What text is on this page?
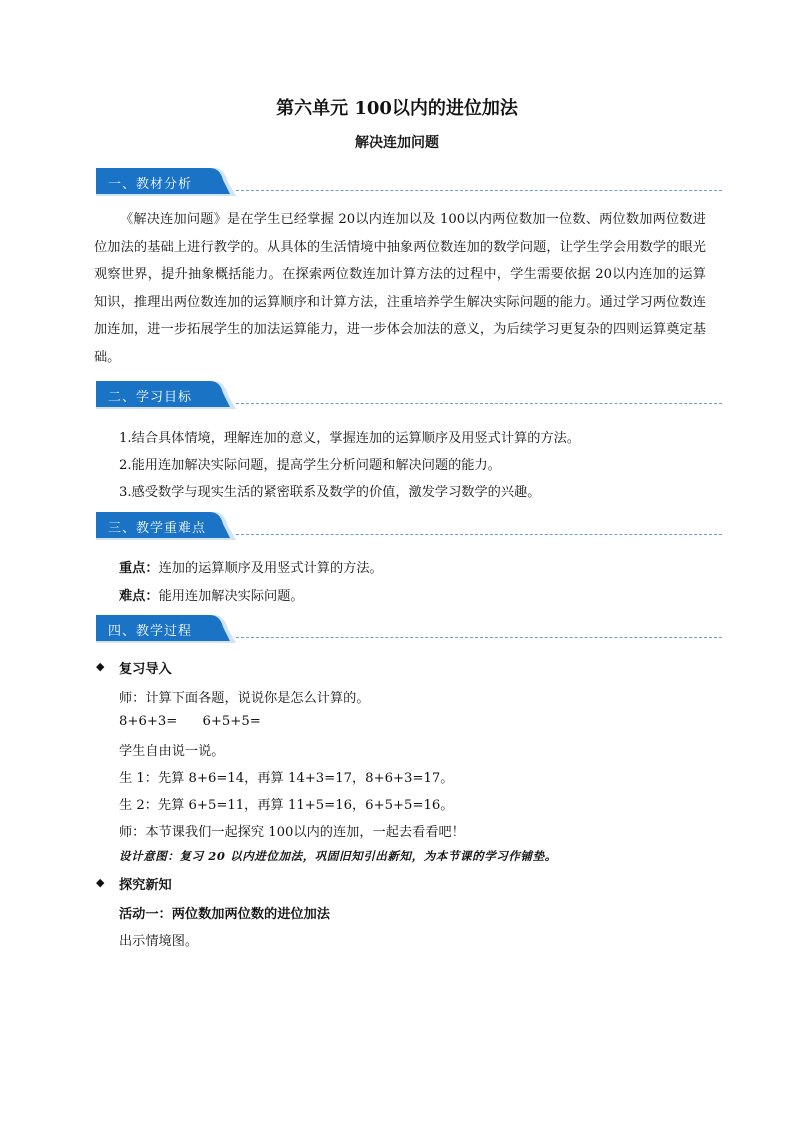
第六单元 100以内的进位加法
解决连加问题
一、教材分析
《解决连加问题》是在学生已经掌握 20以内连加以及 100以内两位数加一位数、两位数加两位数进位加法的基础上进行教学的。从具体的生活情境中抽象两位数连加的数学问题，让学生学会用数学的眼光观察世界，提升抽象概括能力。在探索两位数连加计算方法的过程中，学生需要依据 20以内连加的运算知识，推理出两位数连加的运算顺序和计算方法，注重培养学生解决实际问题的能力。通过学习两位数连加连加，进一步拓展学生的加法运算能力，进一步体会加法的意义，为后续学习更复杂的四则运算奠定基础。
二、学习目标
1.结合具体情境，理解连加的意义，掌握连加的运算顺序及用竖式计算的方法。
2.能用连加解决实际问题，提高学生分析问题和解决问题的能力。
3.感受数学与现实生活的紧密联系及数学的价值，激发学习数学的兴趣。
三、教学重难点
重点：连加的运算顺序及用竖式计算的方法。
难点：能用连加解决实际问题。
四、教学过程
◆ 复习导入
师：计算下面各题，说说你是怎么计算的。
8+6+3=      6+5+5=
学生自由说一说。
生 1：先算 8+6=14，再算 14+3=17，8+6+3=17。
生 2：先算 6+5=11，再算 11+5=16，6+5+5=16。
师：本节课我们一起探究 100以内的连加，一起去看看吧！
设计意图：复习 20 以内进位加法，巩固旧知引出新知，为本节课的学习作铺垫。
◆ 探究新知
活动一：两位数加两位数的进位加法
出示情境图。
